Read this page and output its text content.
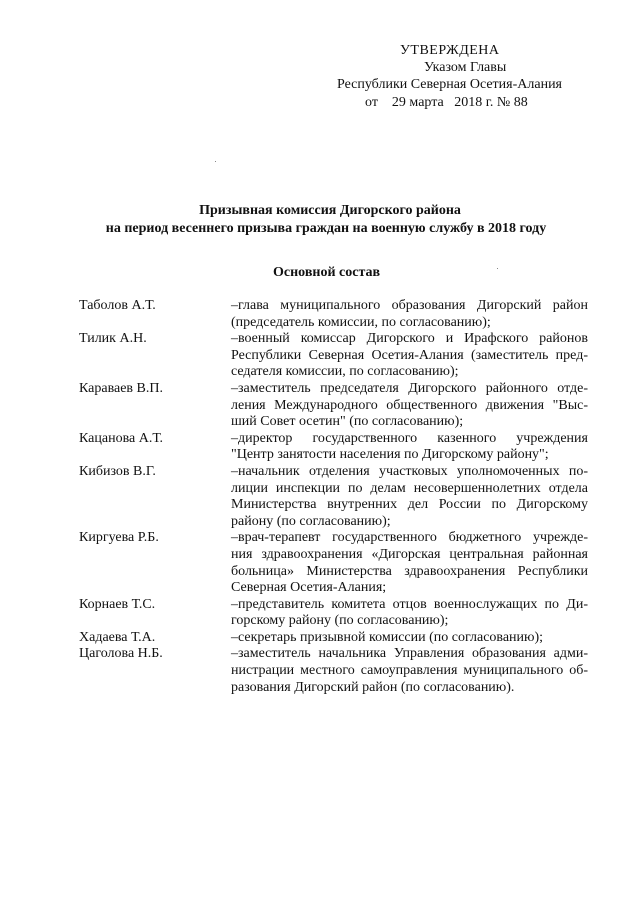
УТВЕРЖДЕНА
Указом Главы
Республики Северная Осетия-Алания
от    29 марта   2018 г. № 88
Призывная комиссия Дигорского района
на период весеннего призыва граждан на военную службу в 2018 году
Основной состав
Таболов А.Т.	–глава муниципального образования Дигорский район
(председатель комиссии, по согласованию);
Тилик А.Н.	–военный комиссар Дигорского и Ирафского районов
Республики Северная Осетия-Алания (заместитель пред-
седателя комиссии, по согласованию);
Караваев В.П.	–заместитель председателя Дигорского районного отде-
ления Международного общественного движения "Выс-
ший Совет осетин" (по согласованию);
Кацанова А.Т.	–директор государственного казенного учреждения
"Центр занятости населения по Дигорскому району";
Кибизов В.Г.	–начальник отделения участковых уполномоченных по-
лиции инспекции по делам несовершеннолетних отдела
Министерства внутренних дел России по Дигорскому
району (по согласованию);
Киргуева Р.Б.	–врач-терапевт государственного бюджетного учрежде-
ния здравоохранения «Дигорская центральная районная
больница» Министерства здравоохранения Республики
Северная Осетия-Алания;
Корнаев Т.С.	–представитель комитета отцов военнослужащих по Ди-
горскому району (по согласованию);
Хадаева Т.А.	–секретарь призывной комиссии (по согласованию);
Цаголова Н.Б.	–заместитель начальника Управления образования адми-
нистрации местного самоуправления муниципального об-
разования Дигорский район (по согласованию).
